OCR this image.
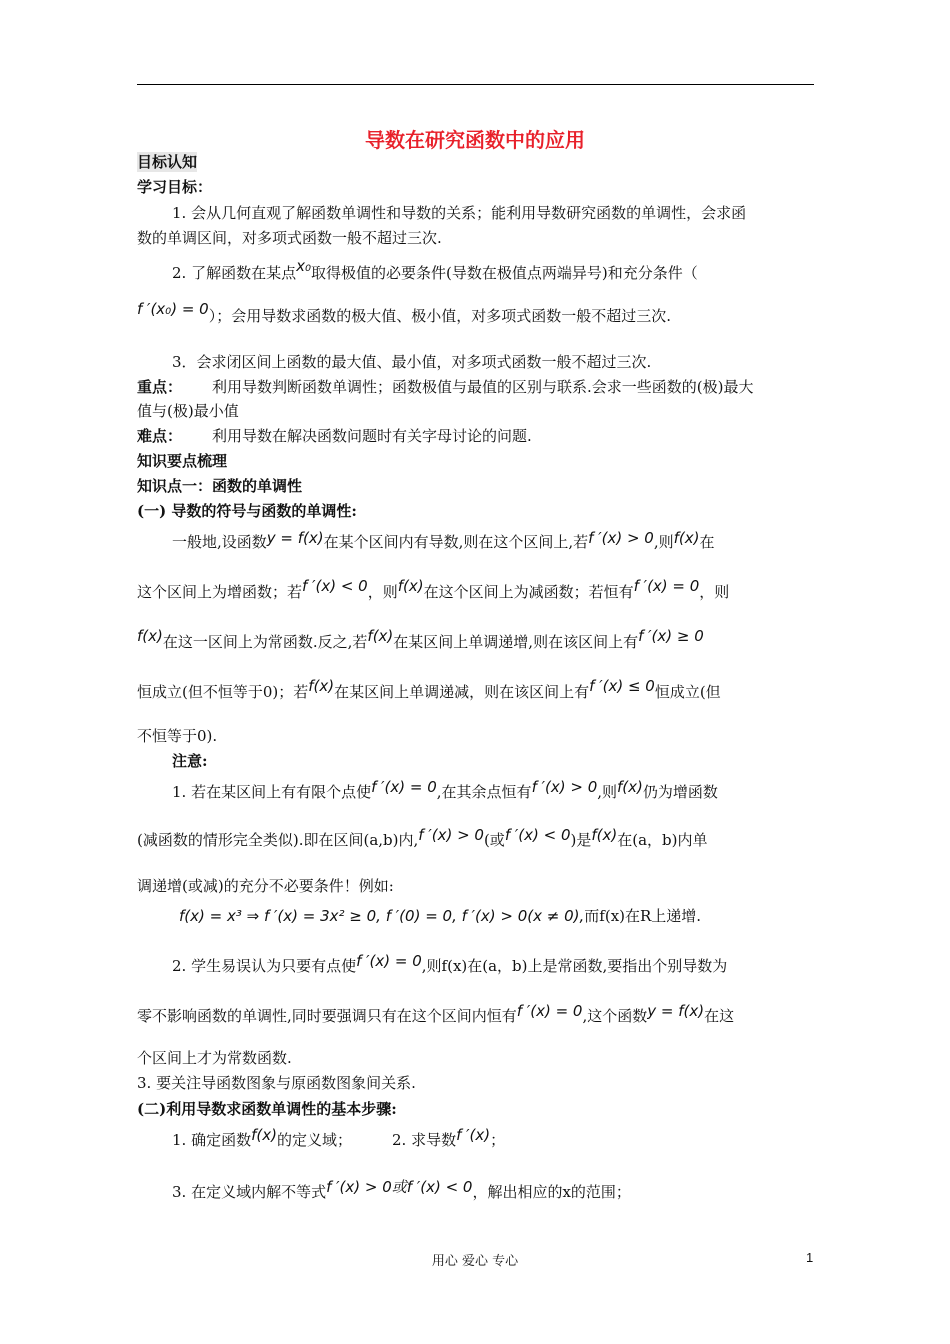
导数在研究函数中的应用
目标认知
学习目标：
1. 会从几何直观了解函数单调性和导数的关系；能利用导数研究函数的单调性，会求函
数的单调区间，对多项式函数一般不超过三次.
2. 了解函数在某点x₀取得极值的必要条件(导数在极值点两端异号)和充分条件（
f ′(x₀) = 0）；会用导数求函数的极大值、极小值，对多项式函数一般不超过三次.
3．会求闭区间上函数的最大值、最小值，对多项式函数一般不超过三次.
重点： 利用导数判断函数单调性；函数极值与最值的区别与联系.会求一些函数的(极)最大
值与(极)最小值
难点： 利用导数在解决函数问题时有关字母讨论的问题.
知识要点梳理
知识点一：函数的单调性
(一) 导数的符号与函数的单调性:
一般地,设函数y = f(x)在某个区间内有导数,则在这个区间上,若f ′(x) > 0,则f(x)在
这个区间上为增函数；若f ′(x) < 0，则f(x)在这个区间上为减函数；若恒有f ′(x) = 0，则
f(x)在这一区间上为常函数.反之,若f(x)在某区间上单调递增,则在该区间上有f ′(x) ≥ 0
恒成立(但不恒等于0)；若f(x)在某区间上单调递减，则在该区间上有f ′(x) ≤ 0恒成立(但
不恒等于0).
注意:
1. 若在某区间上有有限个点使f ′(x) = 0,在其余点恒有f ′(x) > 0,则f(x)仍为增函数
(减函数的情形完全类似).即在区间(a,b)内,f ′(x) > 0(或f ′(x) < 0)是f(x)在(a，b)内单
调递增(或减)的充分不必要条件！例如:
f(x) = x³ ⇒ f ′(x) = 3x² ≥ 0, f ′(0) = 0, f ′(x) > 0(x ≠ 0),而f(x)在R上递增.
2. 学生易误认为只要有点使f ′(x) = 0,则f(x)在(a，b)上是常函数,要指出个别导数为
零不影响函数的单调性,同时要强调只有在这个区间内恒有f ′(x) = 0,这个函数y = f(x)在这
个区间上才为常数函数.
3. 要关注导函数图象与原函数图象间关系.
(二)利用导数求函数单调性的基本步骤:
1. 确定函数f(x)的定义域；	2. 求导数f ′(x)；
3. 在定义域内解不等式f ′(x) > 0或f ′(x) < 0，解出相应的x的范围；
用心 爱心 专心	1
